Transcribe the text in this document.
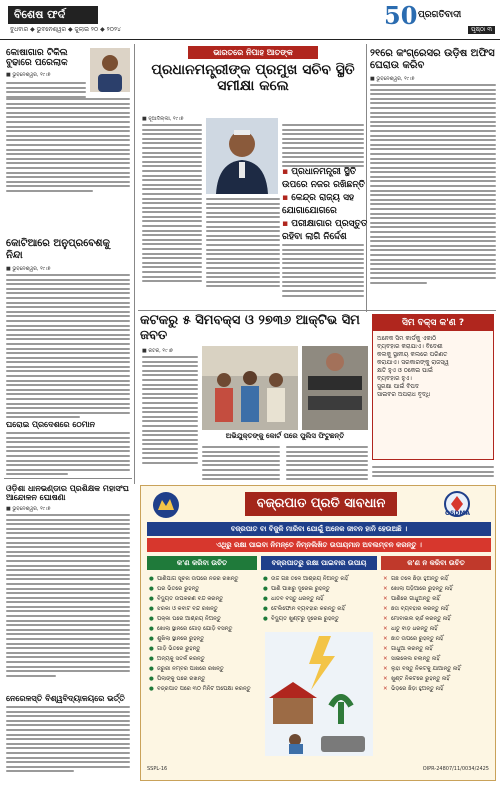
ବିଶେଷ ଫର୍ଦ
ବୁଧବାର ◆ ଭୁବନେଶ୍ୱର ◆ ଜୁଲାଇ ୨୦ ◆ ୨୦୨୪	50 ପ୍ରଗତିବାଦୀ
ପୃଷ୍ଠା ୩
କୋଷାଗାର ଟିକିଲ ବୁଢାରେ ପରେଲାକ
■ ଭୁବନେଶ୍ୱର, ୧୯।୭
କୋଟିଆରେ ଅନୁପ୍ରବେଶକୁ ନିନ୍ଦା
■ ଭୁବନେଶ୍ୱର, ୧୯।୭
ଘରୋଇ ପ୍ରଦେଶରେ ଠେମାନ
ଓଡ଼ିଶା ଧାନଭଣ୍ଡାର ପ୍ରଶିକ୍ଷକ ମହାସଂଘ ଆନ୍ଦୋଳନ ଘୋଷଣା
■ ଭୁବନେଶ୍ୱର, ୧୯।୭
ନେରେଳସ୍ତି ବିଶ୍ୱବିଦ୍ୟାଳୟରେ ଭର୍ତ୍ତି
ଭାରତରେ ନିପାହ ଆତଙ୍କ
ପ୍ରଧାନମନ୍ତ୍ରୀଙ୍କ ପ୍ରମୁଖ ସଚିବ ସ୍ଥିତି ସମୀକ୍ଷା କଲେ
■ ନୂଆଦିଲ୍ଲୀ, ୧୯।୭
▪ ପ୍ରଧାନମନ୍ତ୍ରୀ ସ୍ଥିତି ଉପରେ ନଜର ରଖିଛନ୍ତି
▪ କେନ୍ଦ୍ର ରାଜ୍ୟ ସହ ଯୋଗାଯୋଗରେ
▪ ପରୀକ୍ଷାଗାର ପ୍ରସ୍ତୁତ ରହିବା ଲାଗି ନିର୍ଦ୍ଦେଶ
୨୧ରେ କଂଗ୍ରେସର ଉଡ଼ିଷ ଅଫିସ ଘେରାଉ କରିବ
■ ଭୁବନେଶ୍ୱର, ୧୯।୭
କଟକରୁ ୫ ସିମବକ୍ସ ଓ ୨୭୩୬ ଆକ୍ଟିଭ ସିମ ଜବତ
■ କଟକ, ୧୯।୭
ଅଭିଯୁକ୍ତଙ୍କୁ କୋର୍ଟ ପରେ ପୁଲିସ ଫିଟୁଛନ୍ତି
ସିମ ବକ୍ସ କ'ଣ ?
ଅନେକ ସିମ କାର୍ଡକୁ ଏକାଠି
ବ୍ୟବହାର କରାଯାଏ। ବିଦେଶୀ
କଲକୁ ସ୍ଥାନୀୟ କଲରେ ପରିଣତ
କରାଯାଏ। ସରକାରଙ୍କୁ ରାଜସ୍ୱ
କ୍ଷତି ହୁଏ ଓ ଠକେଇ ପାଇଁ
ବ୍ୟବହାର ହୁଏ।
ସୁରକ୍ଷା ପାଇଁ ବିପଦ
ସାଇବର ଅପରାଧ ବୃଦ୍ଧି
ବଜ୍ରପାତ ପ୍ରତି ସାବଧାନ
OSDMA
ବଜ୍ରପାତ ବା ବିଜୁଳି ମାରିବା ଯୋଗୁଁ ଅନେକ ଜୀବନ ହାନି ହେଉଅଛି ।
ଏଥିରୁ ରକ୍ଷା ପାଇବା ନିମନ୍ତେ ନିମ୍ନଲିଖିତ ଉପାୟମାନ ଅବଲମ୍ବନ କରନ୍ତୁ ।
କ'ଣ କରିବା ଉଚିତ	ବଜ୍ରପାତରୁ ରକ୍ଷା ପାଇବାର ଉପାୟ	କ'ଣ ନ କରିବା ଉଚିତ
● ପାଣିପାଗ ସୂଚନା ଉପରେ ନଜର ରଖନ୍ତୁ
● ଘର ଭିତରେ ରୁହନ୍ତୁ
● ବିଦ୍ୟୁତ ଉପକରଣ ବନ୍ଦ କରନ୍ତୁ
● ଝରକା ଓ କବାଟ ବନ୍ଦ ରଖନ୍ତୁ
● ପକ୍କା ଘରେ ଆଶ୍ରୟ ନିଅନ୍ତୁ
● ଖୋଲା ସ୍ଥାନରେ ଗୋଡ଼ ଯୋଡ଼ି ବସନ୍ତୁ
● ଶୁଖିଲା ସ୍ଥାନରେ ରୁହନ୍ତୁ
● ଗାଡ଼ି ଭିତରେ ରୁହନ୍ତୁ
● ଅନ୍ୟକୁ ସତର୍କ କରନ୍ତୁ
● ଜରୁରୀ ନମ୍ବର ପାଖରେ ରଖନ୍ତୁ
● ପିଲାଙ୍କୁ ଘରେ ରଖନ୍ତୁ
● ବଜ୍ରପାତ ପରେ ୩୦ ମିନିଟ ଅପେକ୍ଷା କରନ୍ତୁ
● ଉଚ୍ଚ ଗଛ ତଳେ ଆଶ୍ରୟ ନିଅନ୍ତୁ ନାହିଁ
● ପାଣି ପାଖରୁ ଦୂରେଇ ରୁହନ୍ତୁ
● ଧାତବ ବସ୍ତୁ ଧରନ୍ତୁ ନାହିଁ
● ଟେଲିଫୋନ ବ୍ୟବହାର କରନ୍ତୁ ନାହିଁ
● ବିଦ୍ୟୁତ ଖୁଣ୍ଟରୁ ଦୂରେଇ ରୁହନ୍ତୁ
✕ ଗଛ ତଳେ ଛିଡ଼ା ହୁଅନ୍ତୁ ନାହିଁ
✕ ଖୋଲା ପଡ଼ିଆରେ ରୁହନ୍ତୁ ନାହିଁ
✕ ପାଣିରେ ଗାଧୁଅନ୍ତୁ ନାହିଁ
✕ ଛତା ବ୍ୟବହାର କରନ୍ତୁ ନାହିଁ
✕ ମୋବାଇଲ ଚାର୍ଜ କରନ୍ତୁ ନାହିଁ
✕ ଧାତୁ ବାଡ଼ ଧରନ୍ତୁ ନାହିଁ
✕ ଛାତ ଉପରେ ରୁହନ୍ତୁ ନାହିଁ
✕ ଗାଧୁଆ କରନ୍ତୁ ନାହିଁ
✕ ସାଇକେଲ ଚଲାନ୍ତୁ ନାହିଁ
✕ ଲୁହା ବସ୍ତୁ ନିକଟକୁ ଯାଆନ୍ତୁ ନାହିଁ
✕ ଖୁଣ୍ଟ ନିକଟରେ ରୁହନ୍ତୁ ନାହିଁ
✕ ଭିଡ଼ରେ ଛିଡ଼ା ହୁଅନ୍ତୁ ନାହିଁ
SSPL-16	OIPR-24807/11/0034/2425
